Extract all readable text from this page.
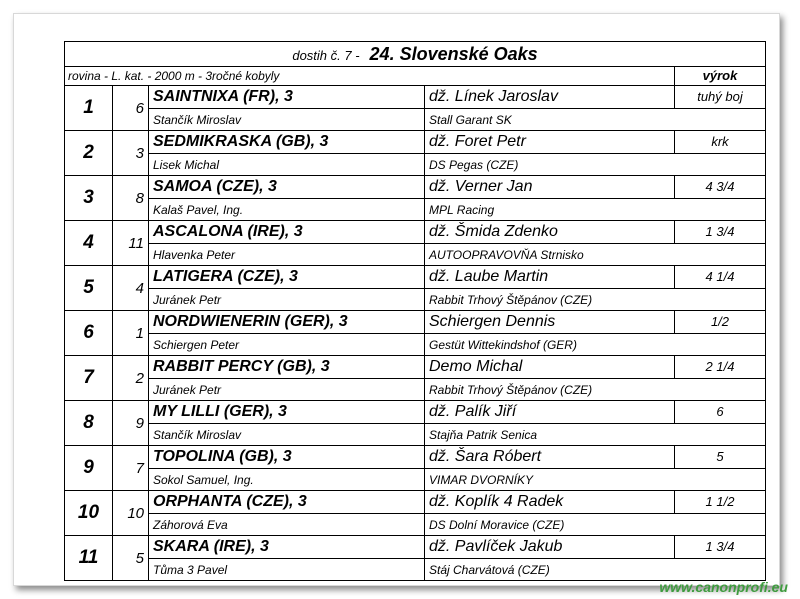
dostih č. 7 - 24. Slovenské Oaks
rovina - L. kat. - 2000 m - 3ročné kobyly	výrok
1	6
SAINTNIXA (FR), 3	dž. Línek Jaroslav	tuhý boj
Stančík Miroslav	Stall Garant SK
2	3
SEDMIKRASKA (GB), 3	dž. Foret Petr	krk
Lisek Michal	DS Pegas (CZE)
3	8
SAMOA (CZE), 3	dž. Verner Jan	4 3/4
Kalaš Pavel, Ing.	MPL Racing
4	11
ASCALONA (IRE), 3	dž. Šmida Zdenko	1 3/4
Hlavenka Peter	AUTOOPRAVOVŇA Strnisko
5	4
LATIGERA (CZE), 3	dž. Laube Martin	4 1/4
Juránek Petr	Rabbit Trhový Štěpánov (CZE)
6	1
NORDWIENERIN (GER), 3	Schiergen Dennis	1/2
Schiergen Peter	Gestüt Wittekindshof (GER)
7	2
RABBIT PERCY (GB), 3	Demo Michal	2 1/4
Juránek Petr	Rabbit Trhový Štěpánov (CZE)
8	9
MY LILLI (GER), 3	dž. Palík Jiří	6
Stančík Miroslav	Stajňa Patrik Senica
9	7
TOPOLINA (GB), 3	dž. Šara Róbert	5
Sokol Samuel, Ing.	VIMAR DVORNÍKY
10	10
ORPHANTA (CZE), 3	dž. Koplík 4 Radek	1 1/2
Záhorová Eva	DS Dolní Moravice (CZE)
11	5
SKARA (IRE), 3	dž. Pavlíček Jakub	1 3/4
Tůma 3 Pavel	Stáj Charvátová (CZE)
www.canonprofi.eu
